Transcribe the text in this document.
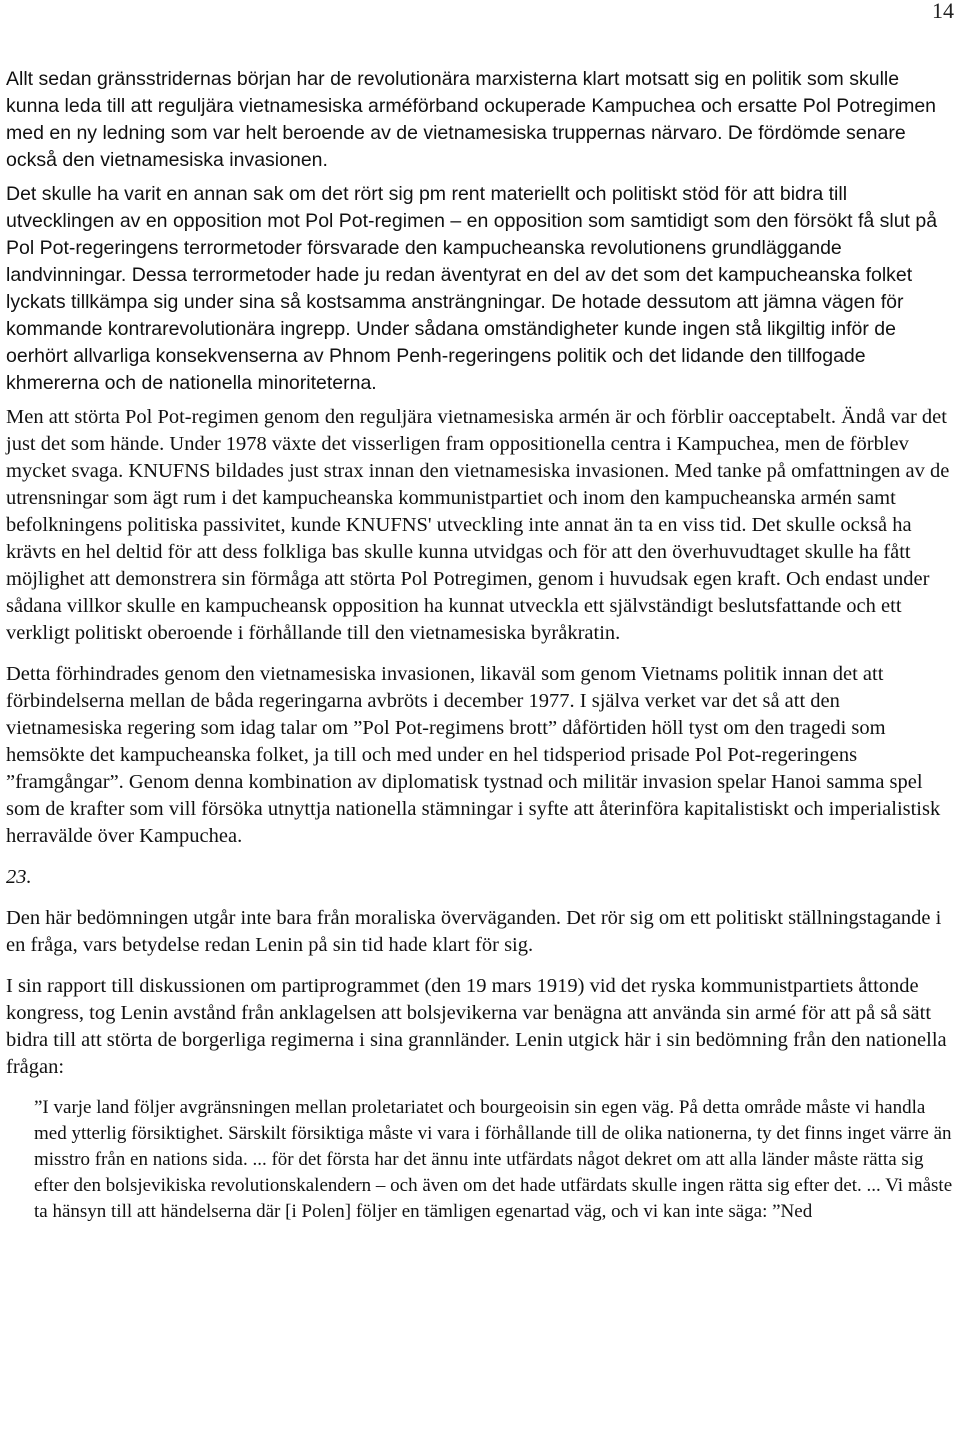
14

Allt sedan gränsstridernas början har de revolutionära marxisterna klart motsatt sig en politik som skulle kunna leda till att reguljära vietnamesiska arméförband ockuperade Kampuchea och ersatte Pol Potregimen med en ny ledning som var helt beroende av de vietnamesiska truppernas närvaro. De fördömde senare också den vietnamesiska invasionen.

Det skulle ha varit en annan sak om det rört sig pm rent materiellt och politiskt stöd för att bidra till utvecklingen av en opposition mot Pol Pot-regimen – en opposition som samtidigt som den försökt få slut på Pol Pot-regeringens terrormetoder försvarade den kampucheanska revolutionens grundläggande landvinningar. Dessa terrormetoder hade ju redan äventyrat en del av det som det kampucheanska folket lyckats tillkämpa sig under sina så kostsamma ansträngningar. De hotade dessutom att jämna vägen för kommande kontrarevolutionära ingrepp. Under sådana omständigheter kunde ingen stå likgiltig inför de oerhört allvarliga konsekvenserna av Phnom Penh-regeringens politik och det lidande den tillfogade khmererna och de nationella minoriteterna.

Men att störta Pol Pot-regimen genom den reguljära vietnamesiska armén är och förblir oacceptabelt. Ändå var det just det som hände. Under 1978 växte det visserligen fram oppositionella centra i Kampuchea, men de förblev mycket svaga. KNUFNS bildades just strax innan den vietnamesiska invasionen. Med tanke på omfattningen av de utrensningar som ägt rum i det kampucheanska kommunistpartiet och inom den kampucheanska armén samt befolkningens politiska passivitet, kunde KNUFNS' utveckling inte annat än ta en viss tid. Det skulle också ha krävts en hel deltid för att dess folkliga bas skulle kunna utvidgas och för att den överhuvudtaget skulle ha fått möjlighet att demonstrera sin förmåga att störta Pol Potregimen, genom i huvudsak egen kraft. Och endast under sådana villkor skulle en kampucheansk opposition ha kunnat utveckla ett självständigt beslutsfattande och ett verkligt politiskt oberoende i förhållande till den vietnamesiska byråkratin.

Detta förhindrades genom den vietnamesiska invasionen, likaväl som genom Vietnams politik innan det att förbindelserna mellan de båda regeringarna avbröts i december 1977. I själva verket var det så att den vietnamesiska regering som idag talar om ”Pol Pot-regimens brott” dåförtiden höll tyst om den tragedi som hemsökte det kampucheanska folket, ja till och med under en hel tidsperiod prisade Pol Pot-regeringens ”framgångar”. Genom denna kombination av diplomatisk tystnad och militär invasion spelar Hanoi samma spel som de krafter som vill försöka utnyttja nationella stämningar i syfte att återinföra kapitalistiskt och imperialistisk herravälde över Kampuchea.

23.

Den här bedömningen utgår inte bara från moraliska överväganden. Det rör sig om ett politiskt ställningstagande i en fråga, vars betydelse redan Lenin på sin tid hade klart för sig.

I sin rapport till diskussionen om partiprogrammet (den 19 mars 1919) vid det ryska kommunistpartiets åttonde kongress, tog Lenin avstånd från anklagelsen att bolsjevikerna var benägna att använda sin armé för att på så sätt bidra till att störta de borgerliga regimerna i sina grannländer. Lenin utgick här i sin bedömning från den nationella frågan:

”I varje land följer avgränsningen mellan proletariatet och bourgeoisin sin egen väg. På detta område måste vi handla med ytterlig försiktighet. Särskilt försiktiga måste vi vara i förhållande till de olika nationerna, ty det finns inget värre än misstro från en nations sida. ... för det första har det ännu inte utfärdats något dekret om att alla länder måste rätta sig efter den bolsjevikiska revolutionskalendern – och även om det hade utfärdats skulle ingen rätta sig efter det. ... Vi måste ta hänsyn till att händelserna där [i Polen] följer en tämligen egenartad väg, och vi kan inte säga: ”Ned
